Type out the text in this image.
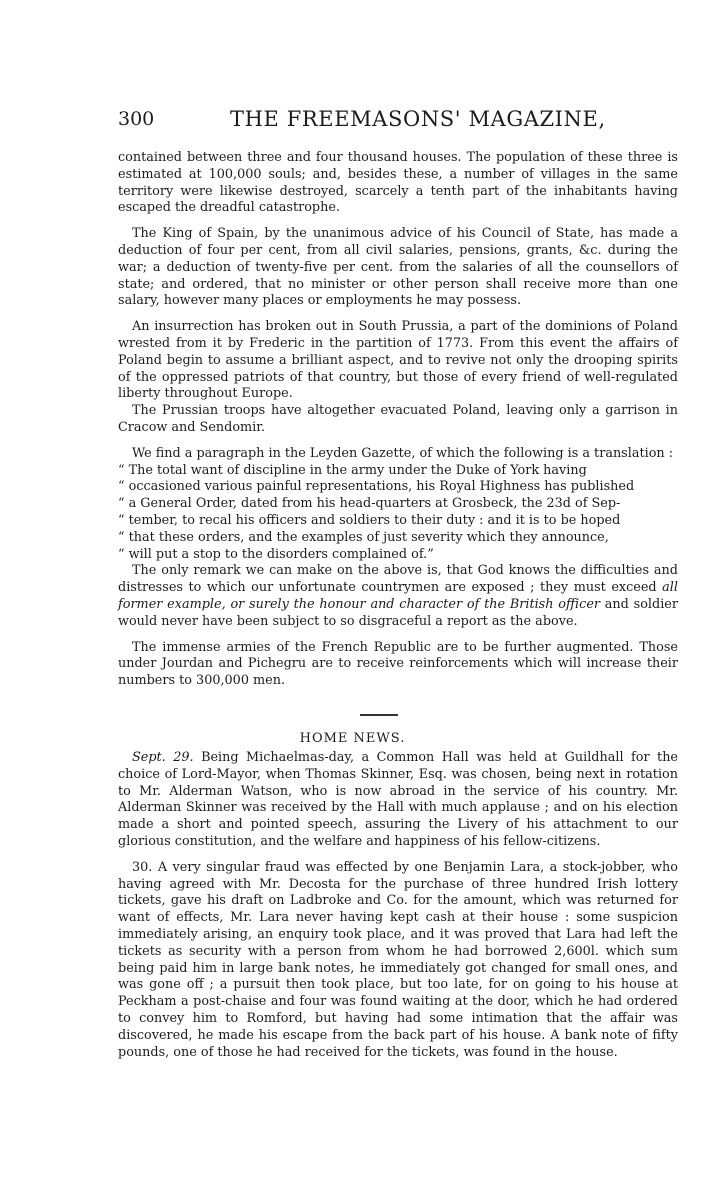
300	THE FREEMASONS' MAGAZINE,

contained between three and four thousand houses. The population of these three is estimated at 100,000 souls; and, besides these, a number of villages in the same territory were likewise destroyed, scarcely a tenth part of the inhabitants having escaped the dreadful catastrophe.

The King of Spain, by the unanimous advice of his Council of State, has made a deduction of four per cent, from all civil salaries, pensions, grants, &c. during the war; a deduction of twenty-five per cent. from the salaries of all the counsellors of state; and ordered, that no minister or other person shall receive more than one salary, however many places or employments he may possess.

An insurrection has broken out in South Prussia, a part of the dominions of Poland wrested from it by Frederic in the partition of 1773. From this event the affairs of Poland begin to assume a brilliant aspect, and to revive not only the drooping spirits of the oppressed patriots of that country, but those of every friend of well-regulated liberty throughout Europe.

The Prussian troops have altogether evacuated Poland, leaving only a garrison in Cracow and Sendomir.

We find a paragraph in the Leyden Gazette, of which the following is a translation :

“ The total want of discipline in the army under the Duke of York having
“ occasioned various painful representations, his Royal Highness has published
“ a General Order, dated from his head-quarters at Grosbeck, the 23d of Sep-
“ tember, to recal his officers and soldiers to their duty : and it is to be hoped
“ that these orders, and the examples of just severity which they announce,
“ will put a stop to the disorders complained of.”

The only remark we can make on the above is, that God knows the difficulties and distresses to which our unfortunate countrymen are exposed ; they must exceed all former example, or surely the honour and character of the British officer and soldier would never have been subject to so disgraceful a report as the above.

The immense armies of the French Republic are to be further augmented. Those under Jourdan and Pichegru are to receive reinforcements which will increase their numbers to 300,000 men.

HOME NEWS.

Sept. 29. Being Michaelmas-day, a Common Hall was held at Guildhall for the choice of Lord-Mayor, when Thomas Skinner, Esq. was chosen, being next in rotation to Mr. Alderman Watson, who is now abroad in the service of his country. Mr. Alderman Skinner was received by the Hall with much applause ; and on his election made a short and pointed speech, assuring the Livery of his attachment to our glorious constitution, and the welfare and happiness of his fellow-citizens.

30. A very singular fraud was effected by one Benjamin Lara, a stock-jobber, who having agreed with Mr. Decosta for the purchase of three hundred Irish lottery tickets, gave his draft on Ladbroke and Co. for the amount, which was returned for want of effects, Mr. Lara never having kept cash at their house : some suspicion immediately arising, an enquiry took place, and it was proved that Lara had left the tickets as security with a person from whom he had borrowed 2,600l. which sum being paid him in large bank notes, he immediately got changed for small ones, and was gone off ; a pursuit then took place, but too late, for on going to his house at Peckham a post-chaise and four was found waiting at the door, which he had ordered to convey him to Romford, but having had some intimation that the affair was discovered, he made his escape from the back part of his house. A bank note of fifty pounds, one of those he had received for the tickets, was found in the house.
